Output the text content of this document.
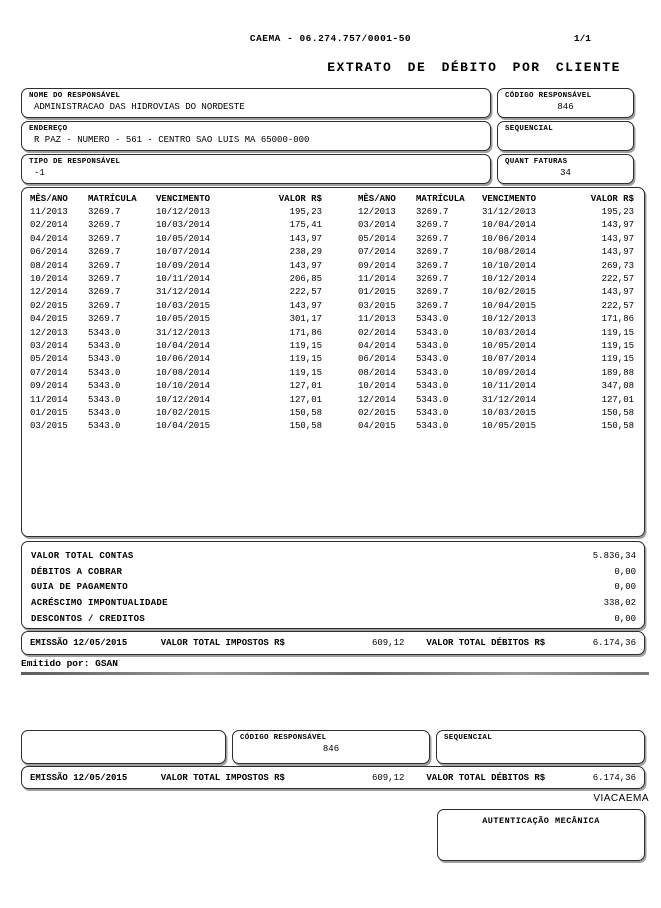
CAEMA - 06.274.757/0001-50	1/1
EXTRATO DE DÉBITO POR CLIENTE
NOME DO RESPONSÁVEL
ADMINISTRACAO DAS HIDROVIAS DO NORDESTE
CÓDIGO RESPONSÁVEL
846
ENDEREÇO
R PAZ - NUMERO - 561 - CENTRO SAO LUIS MA 65000-000
SEQUENCIAL
TIPO DE RESPONSÁVEL
-1
QUANT FATURAS
34
MÊS/ANO	MATRÍCULA	VENCIMENTO	VALOR R$		MÊS/ANO	MATRÍCULA	VENCIMENTO	VALOR R$
11/2013	3269.7	10/12/2013	195,23		12/2013	3269.7	31/12/2013	195,23
02/2014	3269.7	10/03/2014	175,41		03/2014	3269.7	10/04/2014	143,97
04/2014	3269.7	10/05/2014	143,97		05/2014	3269.7	10/06/2014	143,97
06/2014	3269.7	10/07/2014	238,29		07/2014	3269.7	10/08/2014	143,97
08/2014	3269.7	10/09/2014	143,97		09/2014	3269.7	10/10/2014	269,73
10/2014	3269.7	10/11/2014	206,85		11/2014	3269.7	10/12/2014	222,57
12/2014	3269.7	31/12/2014	222,57		01/2015	3269.7	10/02/2015	143,97
02/2015	3269.7	10/03/2015	143,97		03/2015	3269.7	10/04/2015	222,57
04/2015	3269.7	10/05/2015	301,17		11/2013	5343.0	10/12/2013	171,86
12/2013	5343.0	31/12/2013	171,86		02/2014	5343.0	10/03/2014	119,15
03/2014	5343.0	10/04/2014	119,15		04/2014	5343.0	10/05/2014	119,15
05/2014	5343.0	10/06/2014	119,15		06/2014	5343.0	10/07/2014	119,15
07/2014	5343.0	10/08/2014	119,15		08/2014	5343.0	10/09/2014	189,88
09/2014	5343.0	10/10/2014	127,01		10/2014	5343.0	10/11/2014	347,08
11/2014	5343.0	10/12/2014	127,01		12/2014	5343.0	31/12/2014	127,01
01/2015	5343.0	10/02/2015	150,58		02/2015	5343.0	10/03/2015	150,58
03/2015	5343.0	10/04/2015	150,58		04/2015	5343.0	10/05/2015	150,58
VALOR TOTAL CONTAS	5.836,34
DÉBITOS A COBRAR	0,00
GUIA DE PAGAMENTO	0,00
ACRÉSCIMO IMPONTUALIDADE	338,02
DESCONTOS / CREDITOS	0,00
EMISSÃO 12/05/2015	VALOR TOTAL IMPOSTOS R$	609,12 VALOR TOTAL DÉBITOS R$	6.174,36
Emitido por: GSAN
CÓDIGO RESPONSÁVEL
846
SEQUENCIAL
EMISSÃO 12/05/2015	VALOR TOTAL IMPOSTOS R$	609,12 VALOR TOTAL DÉBITOS R$	6.174,36
VIACAEMA
AUTENTICAÇÃO MECÂNICA
